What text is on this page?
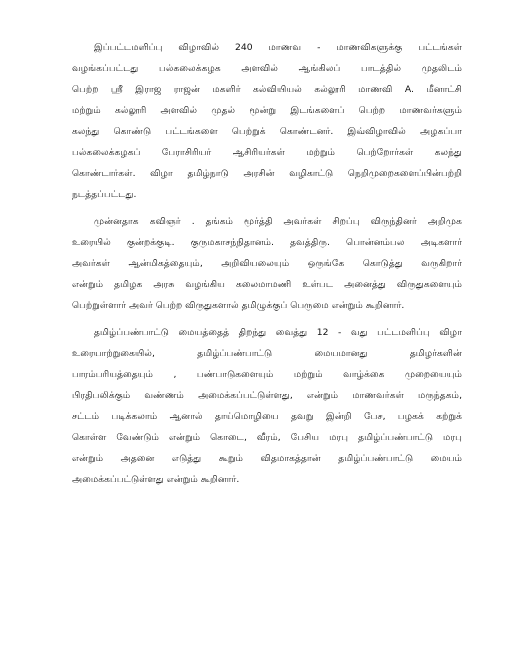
இப்பட்டமளிப்பு விழாவில் 240 மாணவ - மாணவிகளுக்கு பட்டங்கள்
வழங்கப்பட்டது பல்கலைக்கழக அளவில் ஆங்கிலப் பாடத்தில் முதலிடம்
பெற்ற ஸ்ரீ இராஜ ராஜன் மகளிர் கல்வியியல் கல்லூரி மாணவி A. மீனாட்சி
மற்றும் கல்லூரி அளவில் முதல் மூன்று இடங்களைப் பெற்ற மாணவர்களும்
கலந்து கொண்டு பட்டங்களை பெற்றுக் கொண்டனர். இவ்விழாவில் அழகப்பா
பல்கலைக்கழகப் பேராசிரியர் ஆசிரியர்கள் மற்றும் பெற்றோர்கள் கலந்து
கொண்டார்கள். விழா தமிழ்நாடு அரசின் வழிகாட்டு நெறிமுறைகளைப்பின்பற்றி
நடத்தப்பட்டது.
முன்னதாக கவிஞர் . தங்கம் மூர்த்தி அவர்கள் சிறப்பு விருந்தினர் அறிமுக
உரையில் குன்றக்குடி. குருமகாசந்நிதானம். தவத்திரு. பொன்னம்பல அடிகளார்
அவர்கள் ஆன்மிகத்தையும், அறிவியலையும் ஒருங்கே கொடுத்து வருகிறார்
என்றும் தமிழக அரசு வழங்கிய கலைமாமணி உள்பட அனைத்து விருதுகளையும்
பெற்றுள்ளார் அவர் பெற்ற விருதுகளால் தமிழுக்குப் பெருமை என்றும் கூறினார்.
தமிழ்ப்பண்பாட்டு மையத்தைத் திறந்து வைத்து 12 - வது பட்டமளிப்பு விழா
உரையாற்றுகையில், தமிழ்ப்பண்பாட்டு மையமானது தமிழர்களின்
பாரம்பரியத்தையும் , பண்பாடுகளையும் மற்றும் வாழ்க்கை முறையையும்
பிரதிபலிக்கும் வண்ணம் அமைக்கப்பட்டுள்ளது, என்றும் மாணவர்கள் மருந்தகம்,
சட்டம் படிக்கலாம் ஆனால் தாய்மொழியை தவறு இன்றி பேச, பழகக் கற்றுக்
கொள்ள வேண்டும் என்றும் கொடை, வீரம், பேசிய மரபு தமிழ்ப்பண்பாட்டு மரபு
என்றும் அதனை எடுத்து கூறும் விதமாகத்தான் தமிழ்ப்பண்பாட்டு மையம்
அமைக்கப்பட்டுள்ளது என்றும் கூறினார்.
